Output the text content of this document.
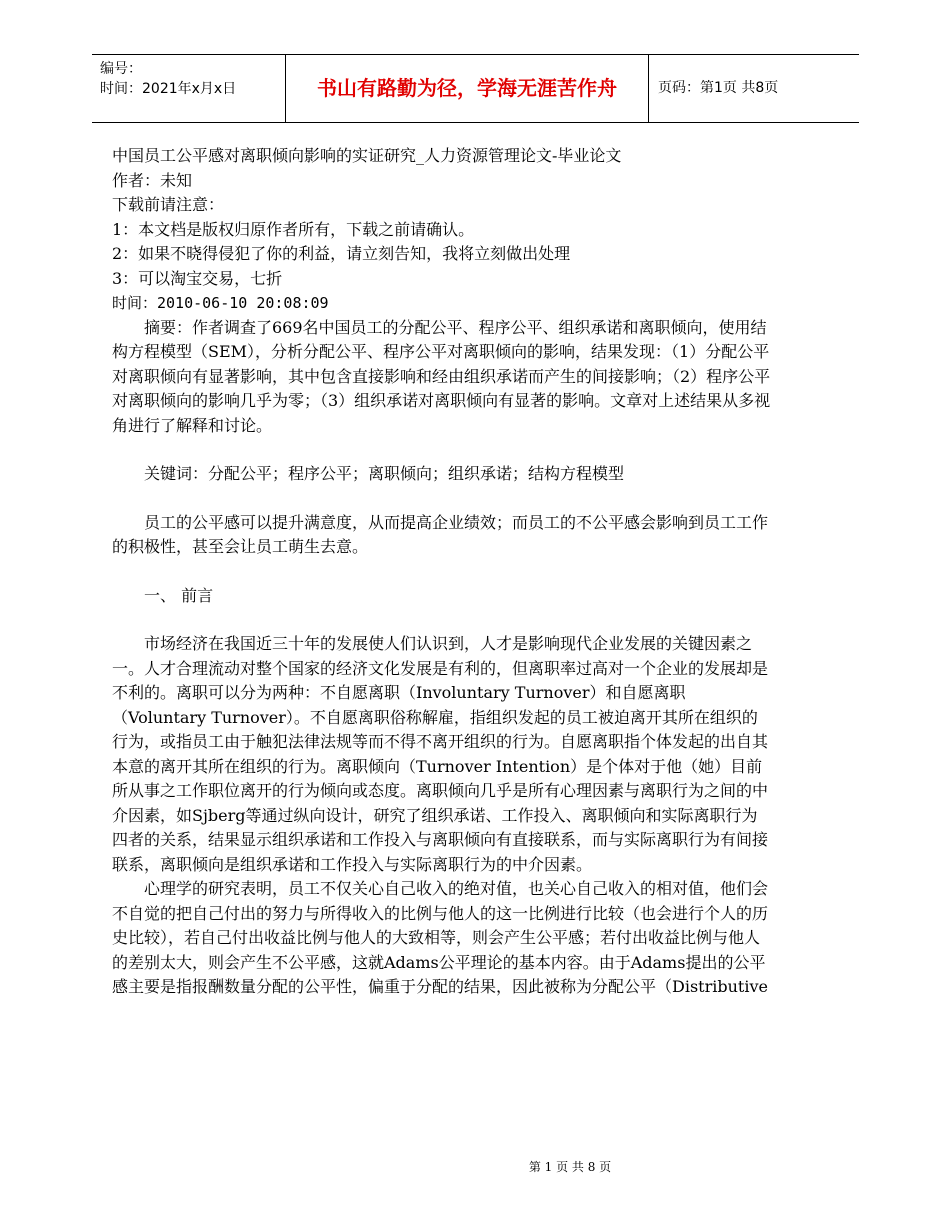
编号：
时间：2021年x月x日	书山有路勤为径，学海无涯苦作舟	页码：第1页 共8页

中国员工公平感对离职倾向影响的实证研究_人力资源管理论文-毕业论文

作者：未知

下载前请注意：

1：本文档是版权归原作者所有，下载之前请确认。

2：如果不晓得侵犯了你的利益，请立刻告知，我将立刻做出处理

3：可以淘宝交易，七折

时间：2010-06-10 20:08:09

摘要：作者调查了669名中国员工的分配公平、程序公平、组织承诺和离职倾向，使用结构方程模型（SEM），分析分配公平、程序公平对离职倾向的影响，结果发现：（1）分配公平对离职倾向有显著影响，其中包含直接影响和经由组织承诺而产生的间接影响；（2）程序公平对离职倾向的影响几乎为零；（3）组织承诺对离职倾向有显著的影响。文章对上述结果从多视角进行了解释和讨论。

关键词：分配公平；程序公平；离职倾向；组织承诺；结构方程模型

员工的公平感可以提升满意度，从而提高企业绩效；而员工的不公平感会影响到员工工作的积极性，甚至会让员工萌生去意。

一、 前言

市场经济在我国近三十年的发展使人们认识到，人才是影响现代企业发展的关键因素之一。人才合理流动对整个国家的经济文化发展是有利的，但离职率过高对一个企业的发展却是不利的。离职可以分为两种：不自愿离职（Involuntary Turnover）和自愿离职（Voluntary Turnover）。不自愿离职俗称解雇，指组织发起的员工被迫离开其所在组织的行为，或指员工由于触犯法律法规等而不得不离开组织的行为。自愿离职指个体发起的出自其本意的离开其所在组织的行为。离职倾向（Turnover Intention）是个体对于他（她）目前所从事之工作职位离开的行为倾向或态度。离职倾向几乎是所有心理因素与离职行为之间的中介因素，如Sjberg等通过纵向设计，研究了组织承诺、工作投入、离职倾向和实际离职行为四者的关系，结果显示组织承诺和工作投入与离职倾向有直接联系，而与实际离职行为有间接联系，离职倾向是组织承诺和工作投入与实际离职行为的中介因素。

心理学的研究表明，员工不仅关心自己收入的绝对值，也关心自己收入的相对值，他们会不自觉的把自己付出的努力与所得收入的比例与他人的这一比例进行比较（也会进行个人的历史比较），若自己付出收益比例与他人的大致相等，则会产生公平感；若付出收益比例与他人的差别太大，则会产生不公平感，这就Adams公平理论的基本内容。由于Adams提出的公平感主要是指报酬数量分配的公平性，偏重于分配的结果，因此被称为分配公平（Distributive

第 1 页 共 8 页
